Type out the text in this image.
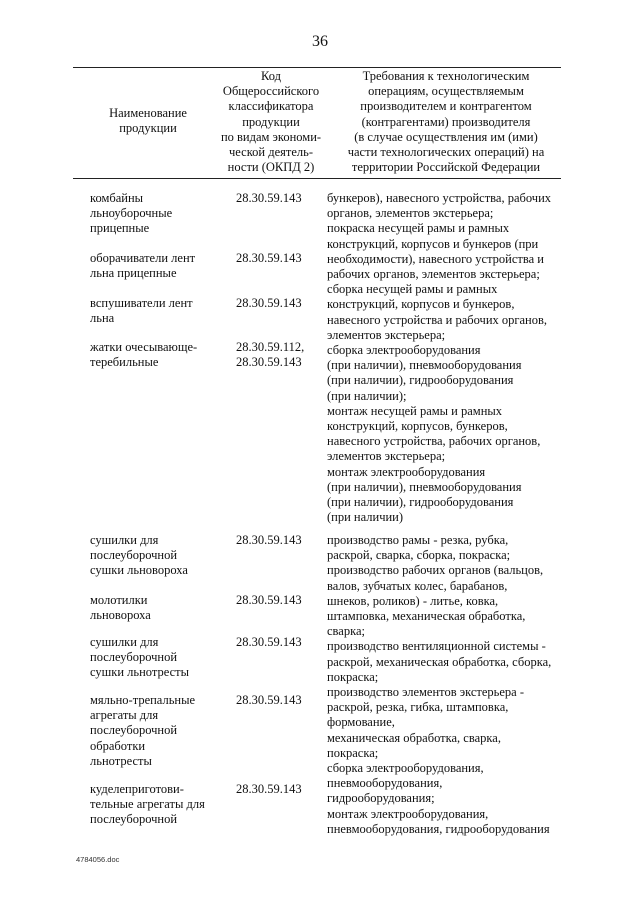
36
Наименование
продукции
Код
Общероссийского
классификатора
продукции
по видам экономи-
ческой деятель-
ности (ОКПД 2)
Требования к технологическим
операциям, осуществляемым
производителем и контрагентом
(контрагентами) производителя
(в случае осуществления им (ими)
части технологических операций) на
территории Российской Федерации
комбайны
льноуборочные
прицепные
28.30.59.143
оборачиватели лент
льна прицепные
28.30.59.143
вспушиватели лент
льна
28.30.59.143
жатки очесывающе-
теребильные
28.30.59.112,
28.30.59.143
бункеров), навесного устройства, рабочих
органов, элементов экстерьера;
покраска несущей рамы и рамных
конструкций, корпусов и бункеров (при
необходимости), навесного устройства и
рабочих органов, элементов экстерьера;
сборка несущей рамы и рамных
конструкций, корпусов и бункеров,
навесного устройства и рабочих органов,
элементов экстерьера;
сборка электрооборудования
(при наличии), пневмооборудования
(при наличии), гидрооборудования
(при наличии);
монтаж несущей рамы и рамных
конструкций, корпусов, бункеров,
навесного устройства, рабочих органов,
элементов экстерьера;
монтаж электрооборудования
(при наличии), пневмооборудования
(при наличии), гидрооборудования
(при наличии)
сушилки для
послеуборочной
сушки льновороха
28.30.59.143
молотилки
льновороха
28.30.59.143
сушилки для
послеуборочной
сушки льнотресты
28.30.59.143
мяльно-трепальные
агрегаты для
послеуборочной
обработки
льнотресты
28.30.59.143
куделеприготови-
тельные агрегаты для
послеуборочной
28.30.59.143
производство рамы - резка, рубка,
раскрой, сварка, сборка, покраска;
производство рабочих органов (вальцов,
валов, зубчатых колес, барабанов,
шнеков, роликов) - литье, ковка,
штамповка, механическая обработка,
сварка;
производство вентиляционной системы -
раскрой, механическая обработка, сборка,
покраска;
производство элементов экстерьера -
раскрой, резка, гибка, штамповка, формование,
механическая обработка, сварка,
покраска;
сборка электрооборудования,
пневмооборудования,
гидрооборудования;
монтаж электрооборудования,
пневмооборудования, гидрооборудования
4784056.doc
